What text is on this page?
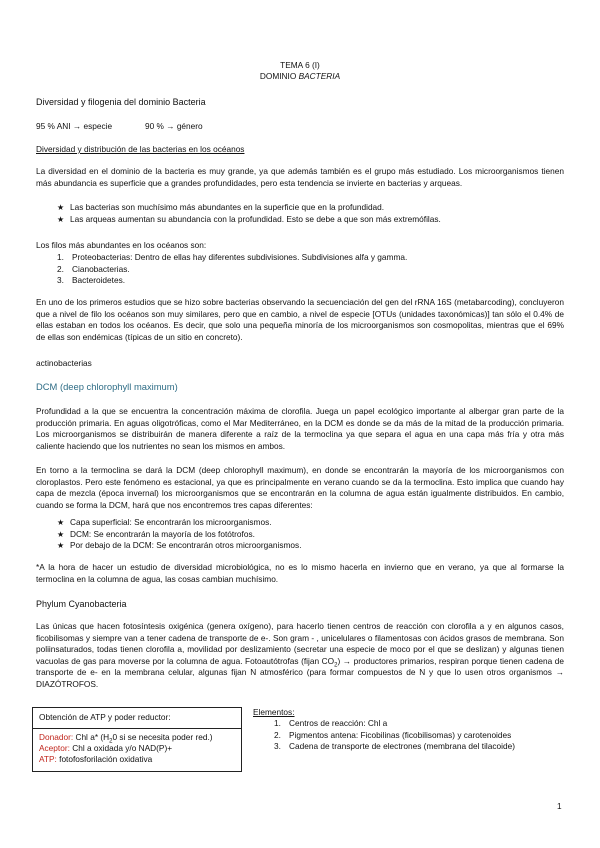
TEMA 6 (I)
DOMINIO BACTERIA
Diversidad y filogenia del dominio Bacteria
95 % ANI → especie	90 % → género
Diversidad y distribución de las bacterias en los océanos
La diversidad en el dominio de la bacteria es muy grande, ya que además también es el grupo más estudiado. Los microorganismos tienen más abundancia es superficie que a grandes profundidades, pero esta tendencia se invierte en bacterias y arqueas.
★ Las bacterias son muchísimo más abundantes en la superficie que en la profundidad.
★ Las arqueas aumentan su abundancia con la profundidad. Esto se debe a que son más extremófilas.
Los filos más abundantes en los océanos son:
1. Proteobacterias: Dentro de ellas hay diferentes subdivisiones. Subdivisiones alfa y gamma.
2. Cianobacterias.
3. Bacteroidetes.
En uno de los primeros estudios que se hizo sobre bacterias observando la secuenciación del gen del rRNA 16S (metabarcoding), concluyeron que a nivel de filo los océanos son muy similares, pero que en cambio, a nivel de especie [OTUs (unidades taxonómicas)] tan sólo el 0.4% de ellas estaban en todos los océanos. Es decir, que solo una pequeña minoría de los microorganismos son cosmopolitas, mientras que el 69% de ellas son endémicas (típicas de un sitio en concreto).
actinobacterias
DCM (deep chlorophyll maximum)
Profundidad a la que se encuentra la concentración máxima de clorofila. Juega un papel ecológico importante al albergar gran parte de la producción primaria. En aguas oligotróficas, como el Mar Mediterráneo, en la DCM es donde se da más de la mitad de la producción primaria. Los microorganismos se distribuirán de manera diferente a raíz de la termoclina ya que separa el agua en una capa más fría y otra más caliente haciendo que los nutrientes no sean los mismos en ambos.
En torno a la termoclina se dará la DCM (deep chlorophyll maximum), en donde se encontrarán la mayoría de los microorganismos con cloroplastos. Pero este fenómeno es estacional, ya que es principalmente en verano cuando se da la termoclina. Esto implica que cuando hay capa de mezcla (época invernal) los microorganismos que se encontrarán en la columna de agua están igualmente distribuidos. En cambio, cuando se forma la DCM, hará que nos encontremos tres capas diferentes:
★ Capa superficial: Se encontrarán los microorganismos.
★ DCM: Se encontrarán la mayoría de los fotótrofos.
★ Por debajo de la DCM: Se encontrarán otros microorganismos.
*A la hora de hacer un estudio de diversidad microbiológica, no es lo mismo hacerla en invierno que en verano, ya que al formarse la termoclina en la columna de agua, las cosas cambian muchísimo.
Phylum Cyanobacteria
Las únicas que hacen fotosíntesis oxigénica (genera oxígeno), para hacerlo tienen centros de reacción con clorofila a y en algunos casos, ficobilisomas y siempre van a tener cadena de transporte de e-. Son gram - , unicelulares o filamentosas con ácidos grasos de membrana. Son poliinsaturados, todas tienen clorofila a, movilidad por deslizamiento (secretar una especie de moco por el que se deslizan) y algunas tienen vacuolas de gas para moverse por la columna de agua. Fotoautótrofas (fijan $CO_2$) → productores primarios, respiran porque tienen cadena de transporte de e- en la membrana celular, algunas fijan N atmosférico (para formar compuestos de N y que lo usen otros organismos → DIAZÓTROFOS.
Obtención de ATP y poder reductor:
Donador: Chl a* ($H_20$ si se necesita poder red.)
Aceptor: Chl a oxidada y/o NAD(P)+
ATP: fotofosforilación oxidativa
Elementos:
1. Centros de reacción: Chl a
2. Pigmentos antena: Ficobilinas (ficobilisomas) y carotenoides
3. Cadena de transporte de electrones (membrana del tilacoide)
1
